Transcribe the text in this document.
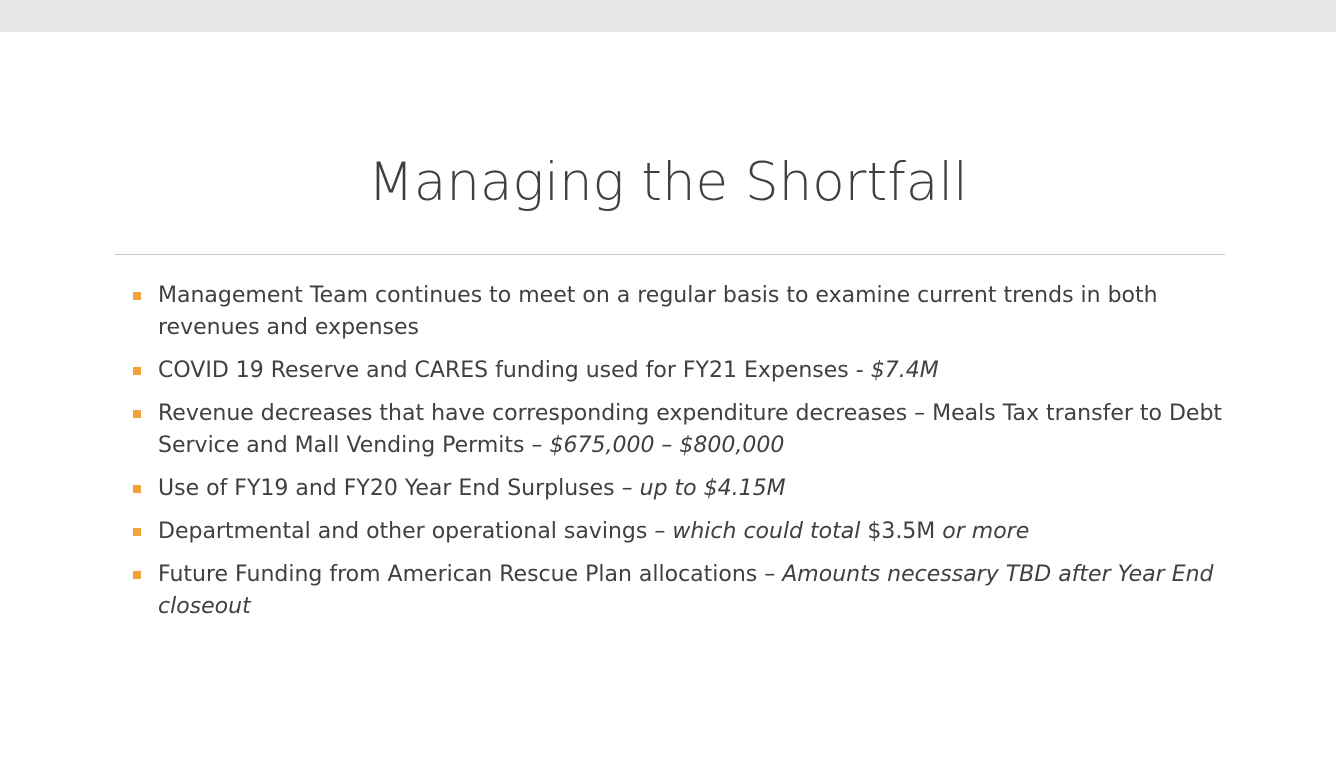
Managing the Shortfall
Management Team continues to meet on a regular basis to examine current trends in both revenues and expenses
COVID 19 Reserve and CARES funding used for FY21 Expenses - $7.4M
Revenue decreases that have corresponding expenditure decreases – Meals Tax transfer to Debt Service and Mall Vending Permits – $675,000 – $800,000
Use of FY19 and FY20 Year End Surpluses – up to $4.15M
Departmental and other operational savings – which could total $3.5M or more
Future Funding from American Rescue Plan allocations – Amounts necessary TBD after Year End closeout
